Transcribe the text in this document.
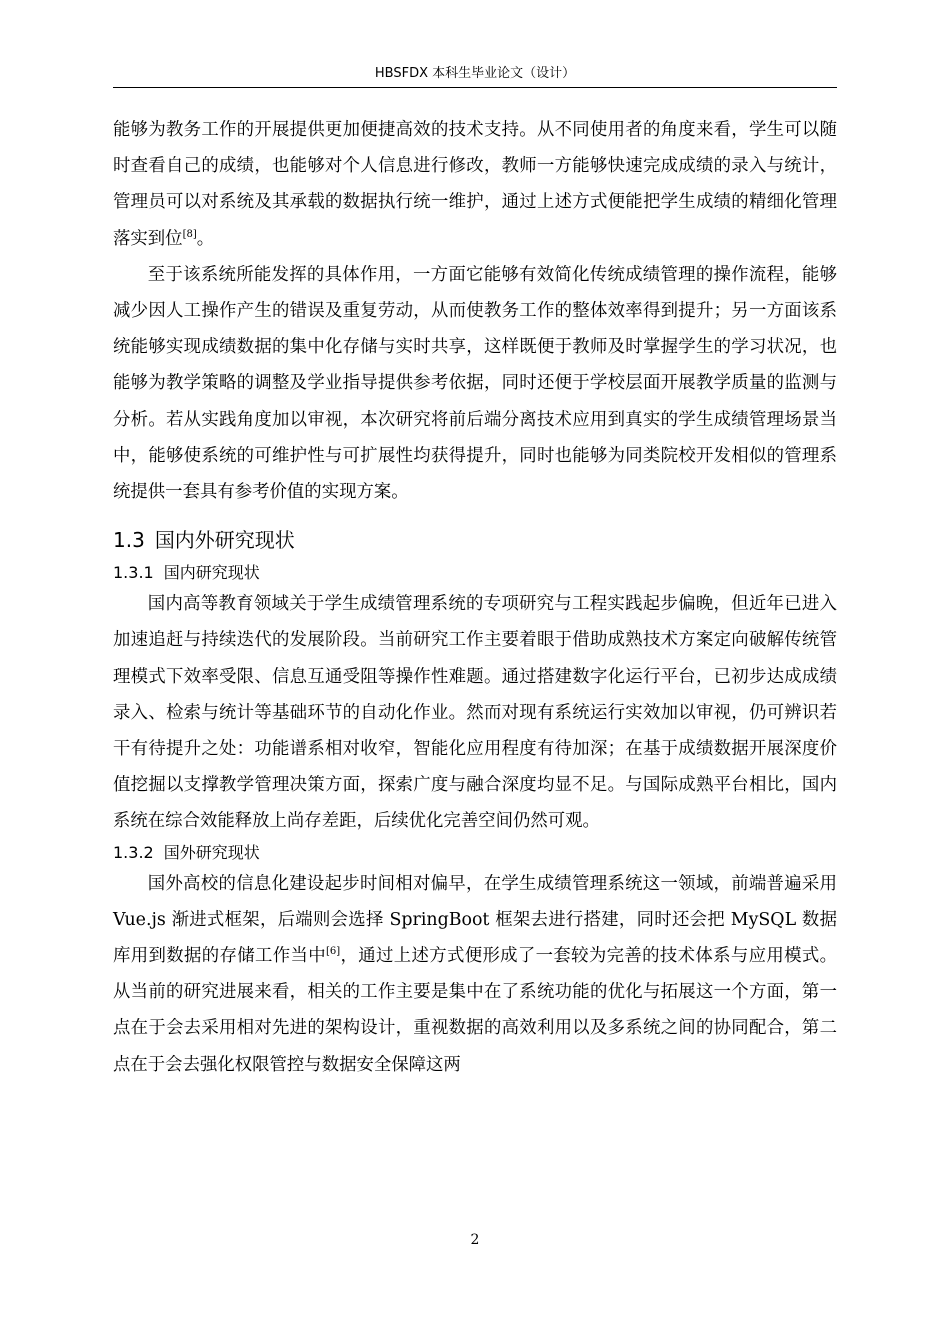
HBSFDX 本科生毕业论文（设计）

能够为教务工作的开展提供更加便捷高效的技术支持。从不同使用者的角度来看，学生可以随时查看自己的成绩，也能够对个人信息进行修改，教师一方能够快速完成成绩的录入与统计，管理员可以对系统及其承载的数据执行统一维护，通过上述方式便能把学生成绩的精细化管理落实到位[8]。

至于该系统所能发挥的具体作用，一方面它能够有效简化传统成绩管理的操作流程，能够减少因人工操作产生的错误及重复劳动，从而使教务工作的整体效率得到提升；另一方面该系统能够实现成绩数据的集中化存储与实时共享，这样既便于教师及时掌握学生的学习状况，也能够为教学策略的调整及学业指导提供参考依据，同时还便于学校层面开展教学质量的监测与分析。若从实践角度加以审视，本次研究将前后端分离技术应用到真实的学生成绩管理场景当中，能够使系统的可维护性与可扩展性均获得提升，同时也能够为同类院校开发相似的管理系统提供一套具有参考价值的实现方案。

1.3 国内外研究现状
1.3.1 国内研究现状

国内高等教育领域关于学生成绩管理系统的专项研究与工程实践起步偏晚，但近年已进入加速追赶与持续迭代的发展阶段。当前研究工作主要着眼于借助成熟技术方案定向破解传统管理模式下效率受限、信息互通受阻等操作性难题。通过搭建数字化运行平台，已初步达成成绩录入、检索与统计等基础环节的自动化作业。然而对现有系统运行实效加以审视，仍可辨识若干有待提升之处：功能谱系相对收窄，智能化应用程度有待加深；在基于成绩数据开展深度价值挖掘以支撑教学管理决策方面，探索广度与融合深度均显不足。与国际成熟平台相比，国内系统在综合效能释放上尚存差距，后续优化完善空间仍然可观。

1.3.2 国外研究现状

国外高校的信息化建设起步时间相对偏早，在学生成绩管理系统这一领域，前端普遍采用 Vue.js 渐进式框架，后端则会选择 SpringBoot 框架去进行搭建，同时还会把 MySQL 数据库用到数据的存储工作当中[6]，通过上述方式便形成了一套较为完善的技术体系与应用模式。从当前的研究进展来看，相关的工作主要是集中在了系统功能的优化与拓展这一个方面，第一点在于会去采用相对先进的架构设计，重视数据的高效利用以及多系统之间的协同配合，第二点在于会去强化权限管控与数据安全保障这两

2
